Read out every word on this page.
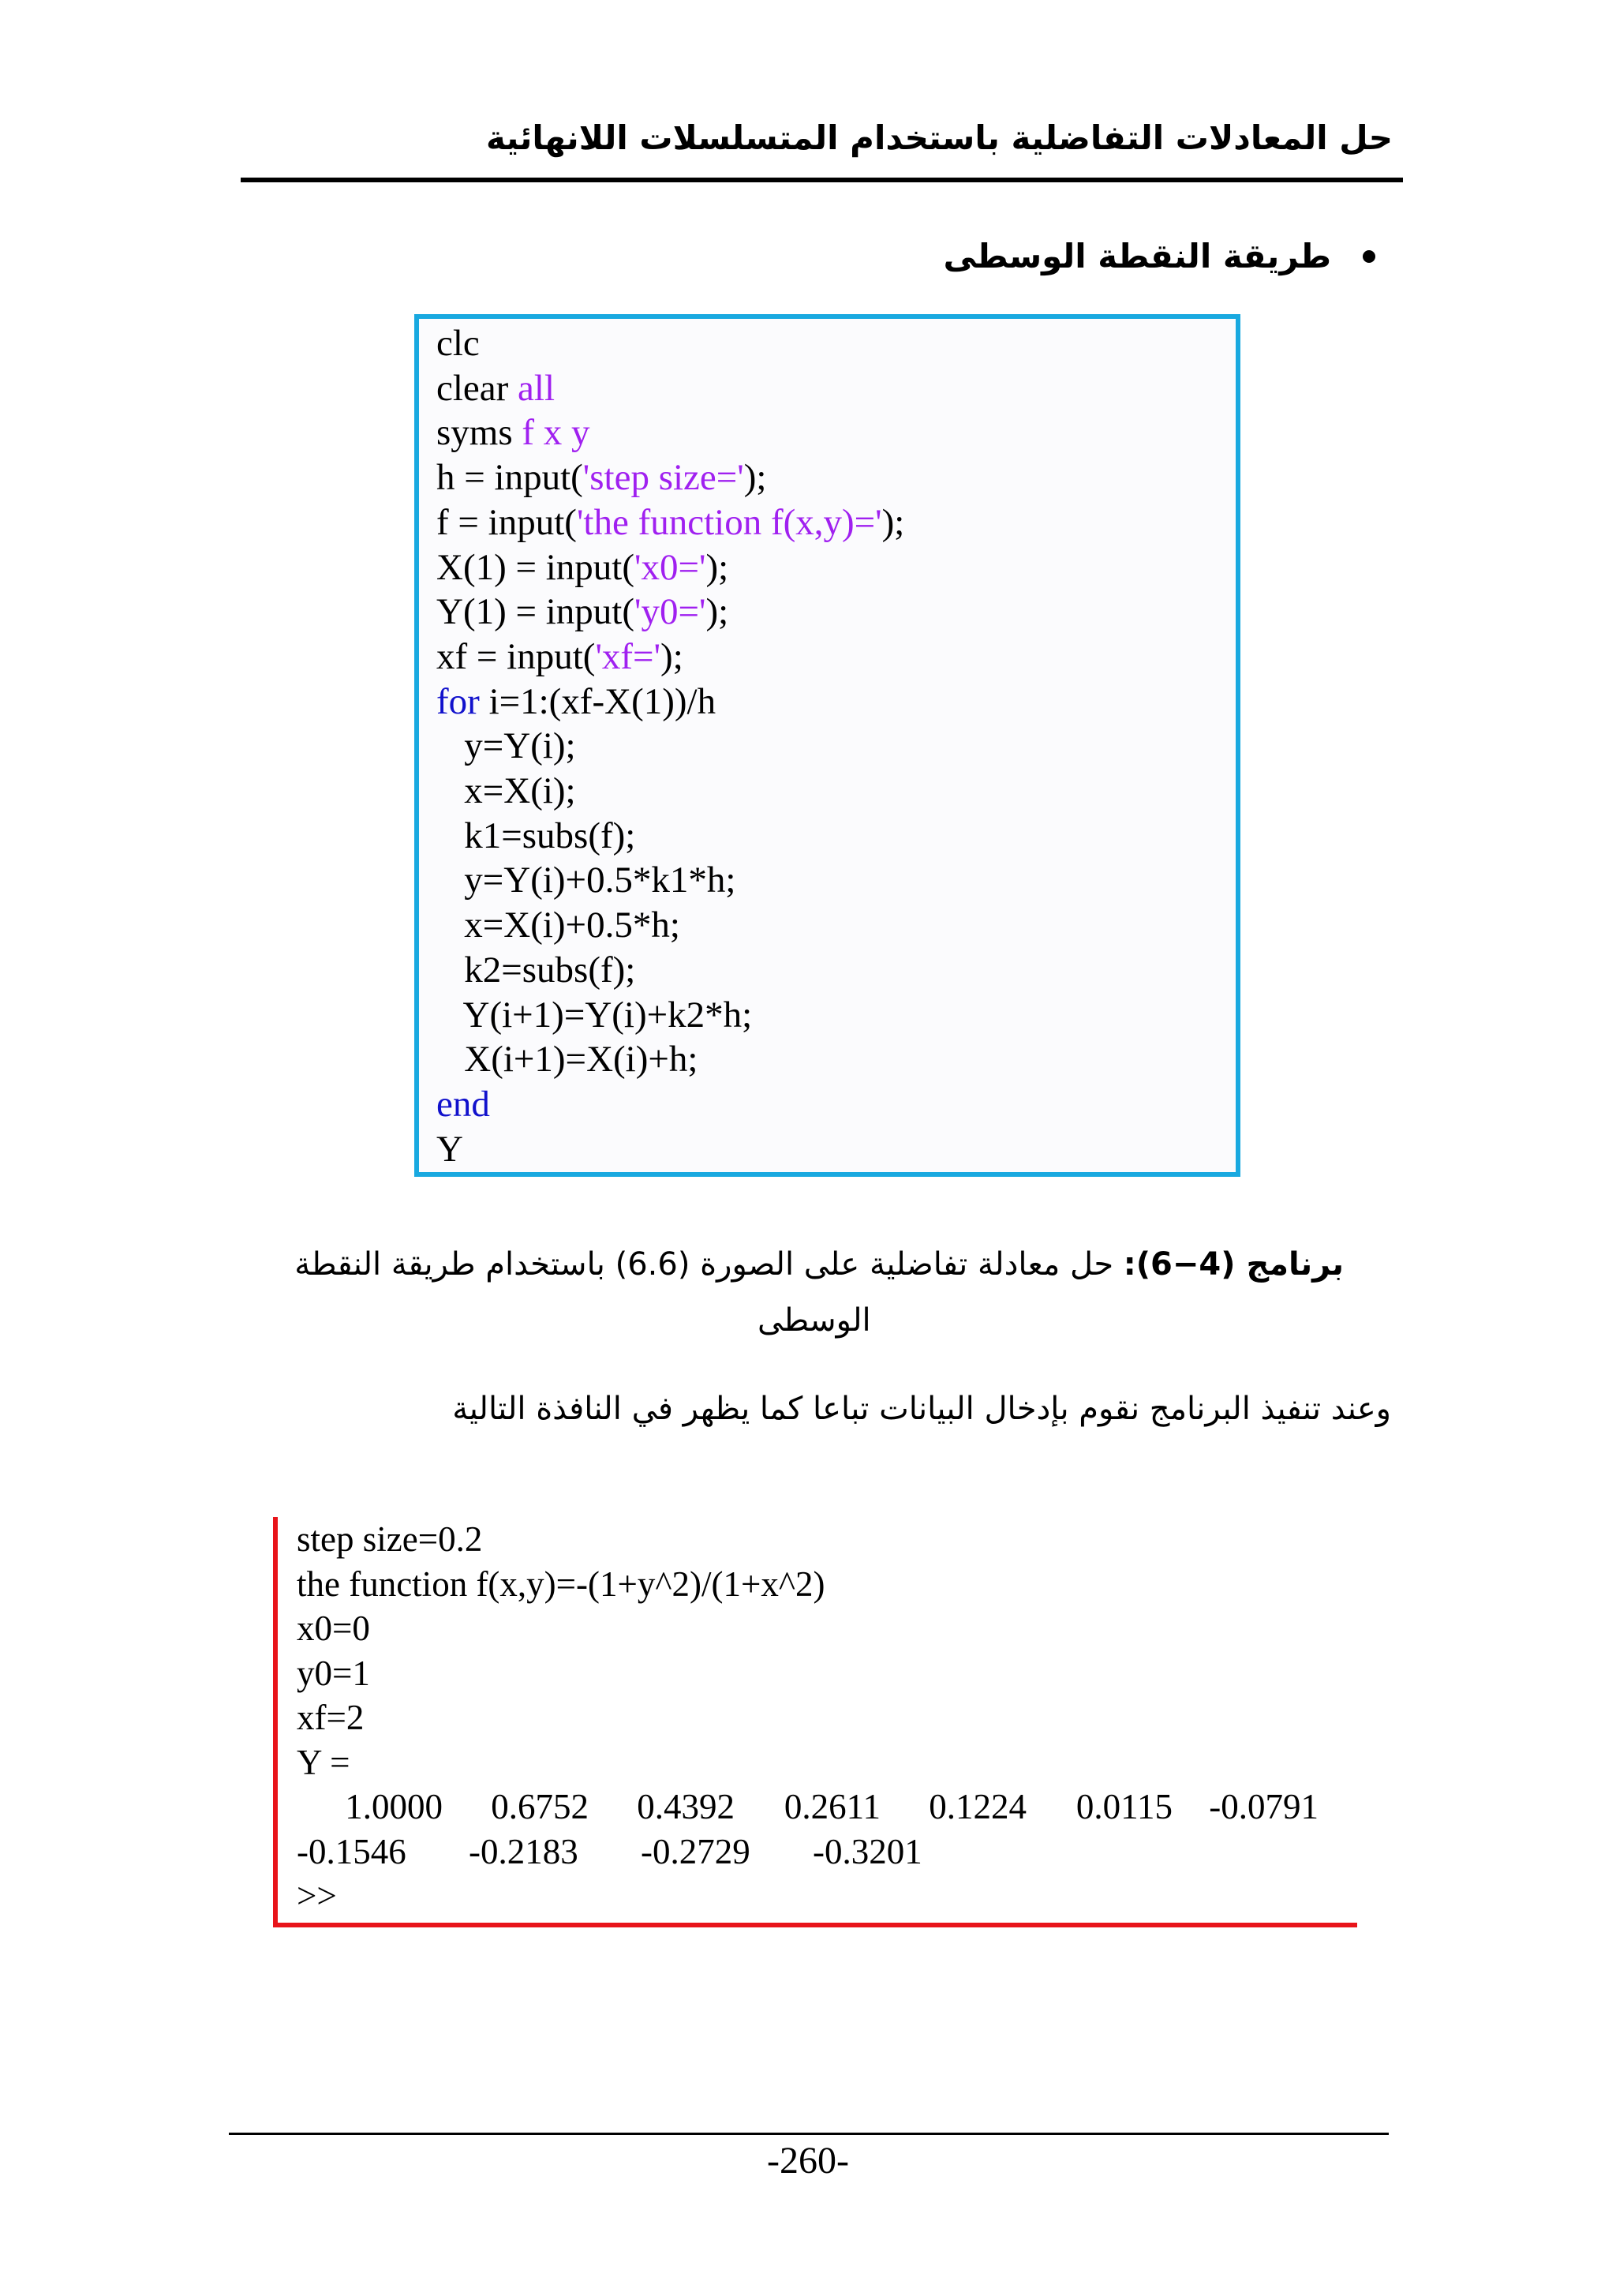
حل المعادلات التفاضلية باستخدام المتسلسلات اللانهائية
طريقة النقطة الوسطى
clc
clear all
syms f x y
h = input('step size=');
f = input('the function f(x,y)=');
X(1) = input('x0=');
Y(1) = input('y0=');
xf = input('xf=');
for i=1:(xf-X(1))/h
y=Y(i);
x=X(i);
k1=subs(f);
y=Y(i)+0.5*k1*h;
x=X(i)+0.5*h;
k2=subs(f);
Y(i+1)=Y(i)+k2*h;
X(i+1)=X(i)+h;
end
Y
برنامج (4−6): حل معادلة تفاضلية على الصورة (6.6) باستخدام طريقة النقطة
الوسطى
وعند تنفيذ البرنامج نقوم بإدخال البيانات تباعا كما يظهر في النافذة التالية
step size=0.2
the function f(x,y)=-(1+y^2)/(1+x^2)
x0=0
y0=1
xf=2
Y =
1.0000	0.6752	0.4392	0.2611	0.1224	0.0115	-0.0791
-0.1546	-0.2183	-0.2729	-0.3201
>>
-260-
